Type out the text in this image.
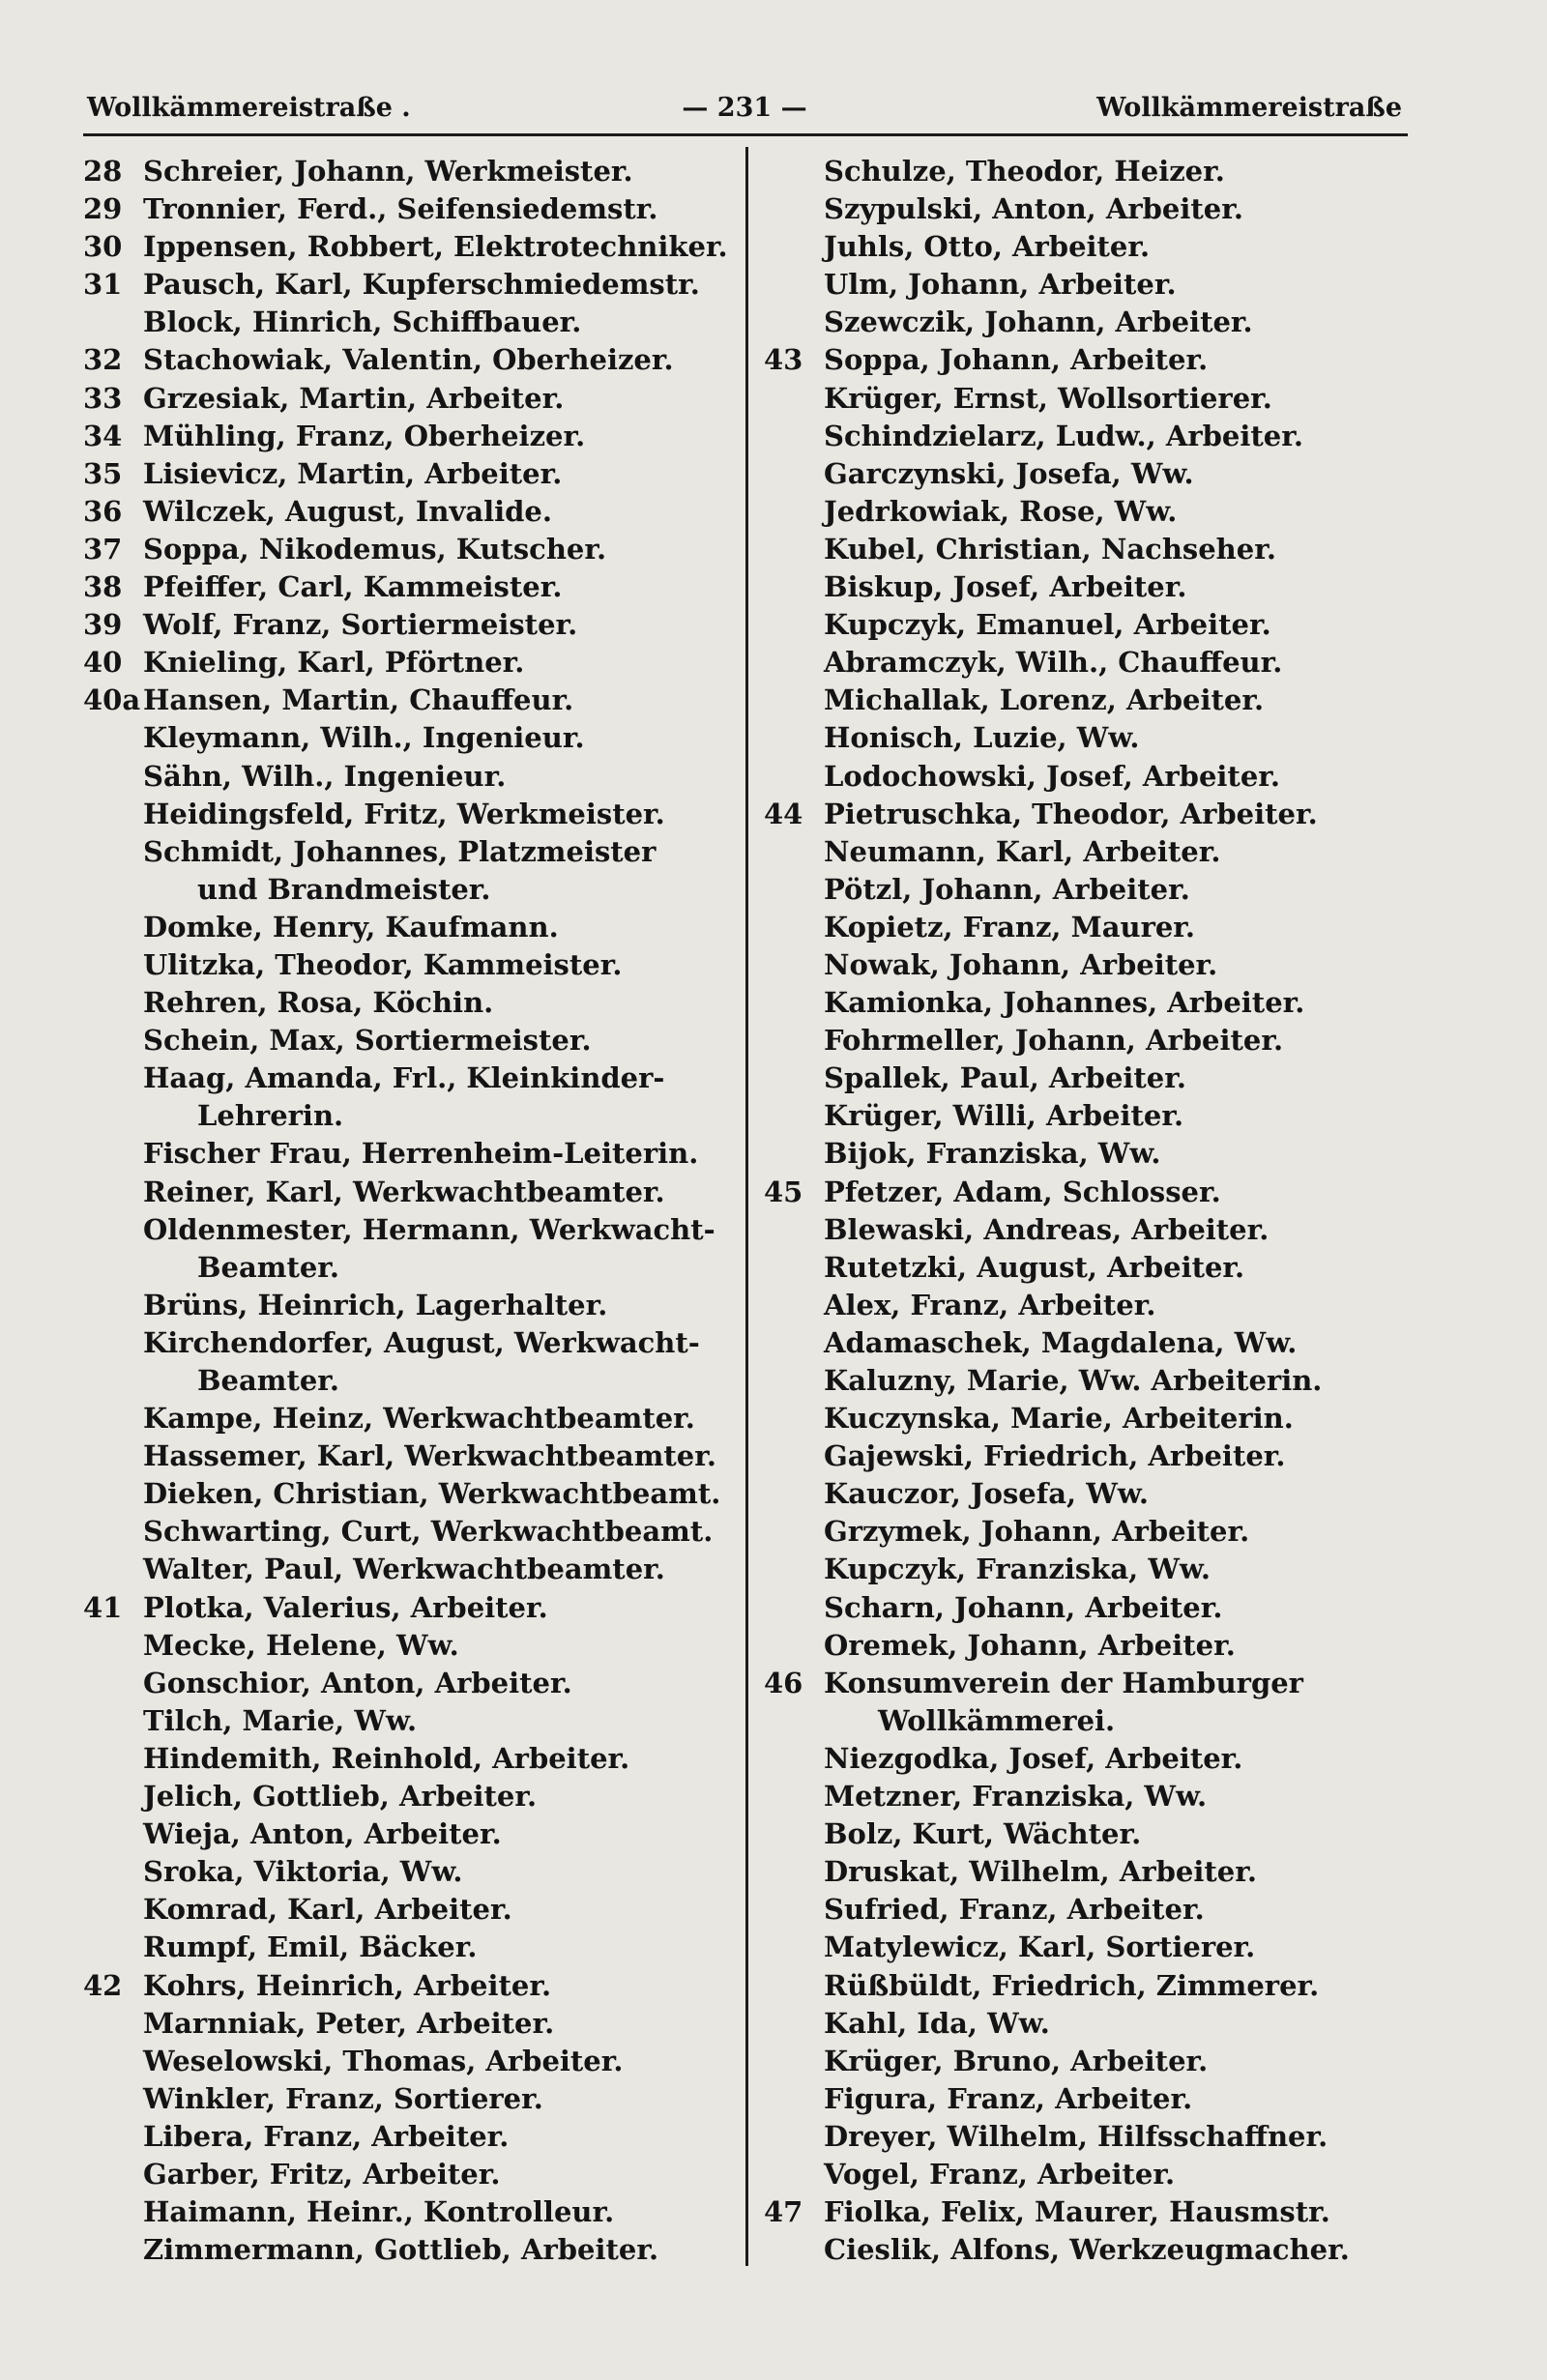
Wollkämmereistraße .	— 231 —	Wollkämmereistraße
28 Schreier, Johann, Werkmeister.
29 Tronnier, Ferd., Seifensiedemstr.
30 Ippensen, Robbert, Elektrotechniker.
31 Pausch, Karl, Kupferschmiedemstr.
Block, Hinrich, Schiffbauer.
32 Stachowiak, Valentin, Oberheizer.
33 Grzesiak, Martin, Arbeiter.
34 Mühling, Franz, Oberheizer.
35 Lisievicz, Martin, Arbeiter.
36 Wilczek, August, Invalide.
37 Soppa, Nikodemus, Kutscher.
38 Pfeiffer, Carl, Kammeister.
39 Wolf, Franz, Sortiermeister.
40 Knieling, Karl, Pförtner.
40a Hansen, Martin, Chauffeur.
Kleymann, Wilh., Ingenieur.
Sähn, Wilh., Ingenieur.
Heidingsfeld, Fritz, Werkmeister.
Schmidt, Johannes, Platzmeister
und Brandmeister.
Domke, Henry, Kaufmann.
Ulitzka, Theodor, Kammeister.
Rehren, Rosa, Köchin.
Schein, Max, Sortiermeister.
Haag, Amanda, Frl., Kleinkinder-
Lehrerin.
Fischer Frau, Herrenheim-Leiterin.
Reiner, Karl, Werkwachtbeamter.
Oldenmester, Hermann, Werkwacht-
Beamter.
Brüns, Heinrich, Lagerhalter.
Kirchendorfer, August, Werkwacht-
Beamter.
Kampe, Heinz, Werkwachtbeamter.
Hassemer, Karl, Werkwachtbeamter.
Dieken, Christian, Werkwachtbeamt.
Schwarting, Curt, Werkwachtbeamt.
Walter, Paul, Werkwachtbeamter.
41 Plotka, Valerius, Arbeiter.
Mecke, Helene, Ww.
Gonschior, Anton, Arbeiter.
Tilch, Marie, Ww.
Hindemith, Reinhold, Arbeiter.
Jelich, Gottlieb, Arbeiter.
Wieja, Anton, Arbeiter.
Sroka, Viktoria, Ww.
Komrad, Karl, Arbeiter.
Rumpf, Emil, Bäcker.
42 Kohrs, Heinrich, Arbeiter.
Marnniak, Peter, Arbeiter.
Weselowski, Thomas, Arbeiter.
Winkler, Franz, Sortierer.
Libera, Franz, Arbeiter.
Garber, Fritz, Arbeiter.
Haimann, Heinr., Kontrolleur.
Zimmermann, Gottlieb, Arbeiter.
Schulze, Theodor, Heizer.
Szypulski, Anton, Arbeiter.
Juhls, Otto, Arbeiter.
Ulm, Johann, Arbeiter.
Szewczik, Johann, Arbeiter.
43 Soppa, Johann, Arbeiter.
Krüger, Ernst, Wollsortierer.
Schindzielarz, Ludw., Arbeiter.
Garczynski, Josefa, Ww.
Jedrkowiak, Rose, Ww.
Kubel, Christian, Nachseher.
Biskup, Josef, Arbeiter.
Kupczyk, Emanuel, Arbeiter.
Abramczyk, Wilh., Chauffeur.
Michallak, Lorenz, Arbeiter.
Honisch, Luzie, Ww.
Lodochowski, Josef, Arbeiter.
44 Pietruschka, Theodor, Arbeiter.
Neumann, Karl, Arbeiter.
Pötzl, Johann, Arbeiter.
Kopietz, Franz, Maurer.
Nowak, Johann, Arbeiter.
Kamionka, Johannes, Arbeiter.
Fohrmeller, Johann, Arbeiter.
Spallek, Paul, Arbeiter.
Krüger, Willi, Arbeiter.
Bijok, Franziska, Ww.
45 Pfetzer, Adam, Schlosser.
Blewaski, Andreas, Arbeiter.
Rutetzki, August, Arbeiter.
Alex, Franz, Arbeiter.
Adamaschek, Magdalena, Ww.
Kaluzny, Marie, Ww. Arbeiterin.
Kuczynska, Marie, Arbeiterin.
Gajewski, Friedrich, Arbeiter.
Kauczor, Josefa, Ww.
Grzymek, Johann, Arbeiter.
Kupczyk, Franziska, Ww.
Scharn, Johann, Arbeiter.
Oremek, Johann, Arbeiter.
46 Konsumverein der Hamburger
Wollkämmerei.
Niezgodka, Josef, Arbeiter.
Metzner, Franziska, Ww.
Bolz, Kurt, Wächter.
Druskat, Wilhelm, Arbeiter.
Sufried, Franz, Arbeiter.
Matylewicz, Karl, Sortierer.
Rüßbüldt, Friedrich, Zimmerer.
Kahl, Ida, Ww.
Krüger, Bruno, Arbeiter.
Figura, Franz, Arbeiter.
Dreyer, Wilhelm, Hilfsschaffner.
Vogel, Franz, Arbeiter.
47 Fiolka, Felix, Maurer, Hausmstr.
Cieslik, Alfons, Werkzeugmacher.
